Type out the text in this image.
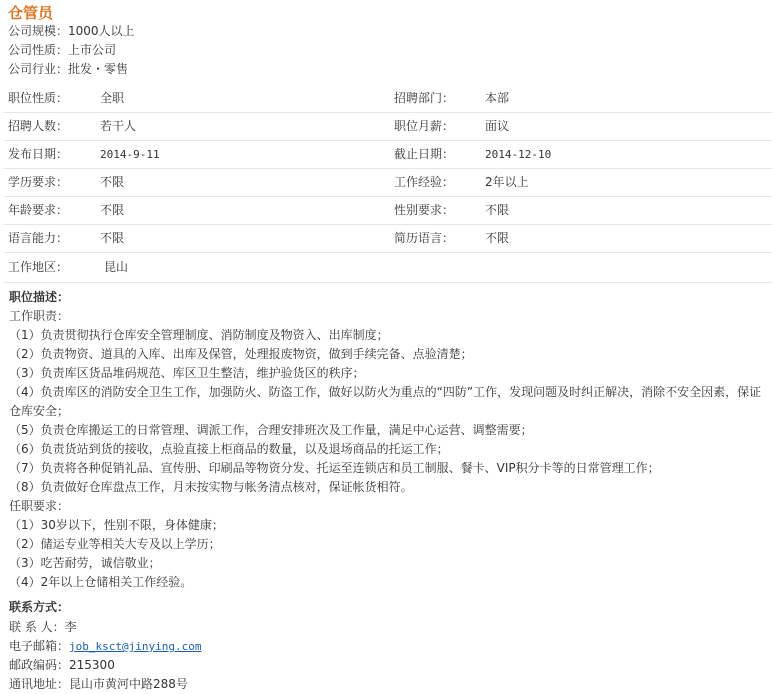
仓管员
公司规模：1000人以上
公司性质：上市公司
公司行业：批发・零售
职位性质：	全职	招聘部门：	本部
招聘人数：	若干人	职位月薪：	面议
发布日期：	2014-9-11	截止日期：	2014-12-10
学历要求：	不限	工作经验：	2年以上
年龄要求：	不限	性别要求：	不限
语言能力：	不限	简历语言：	不限
工作地区：	昆山
职位描述：
工作职责：
（1）负责贯彻执行仓库安全管理制度、消防制度及物资入、出库制度；
（2）负责物资、道具的入库、出库及保管，处理报废物资，做到手续完备、点验清楚；
（3）负责库区货品堆码规范、库区卫生整洁，维护验货区的秩序；
（4）负责库区的消防安全卫生工作，加强防火、防盗工作，做好以防火为重点的“四防”工作，发现问题及时纠正解决，消除不安全因素，保证仓库安全；
（5）负责仓库搬运工的日常管理、调派工作，合理安排班次及工作量，满足中心运营、调整需要；
（6）负责货站到货的接收，点验直接上柜商品的数量，以及退场商品的托运工作；
（7）负责将各种促销礼品、宣传册、印刷品等物资分发、托运至连锁店和员工制服、餐卡、VIP积分卡等的日常管理工作；
（8）负责做好仓库盘点工作，月末按实物与帐务清点核对，保证帐货相符。
任职要求：
（1）30岁以下，性别不限，身体健康；
（2）储运专业等相关大专及以上学历；
（3）吃苦耐劳，诚信敬业；
（4）2年以上仓储相关工作经验。
联系方式：
联 系 人：李
电子邮箱：job_ksct@jinying.com
邮政编码：215300
通讯地址：昆山市黄河中路288号
